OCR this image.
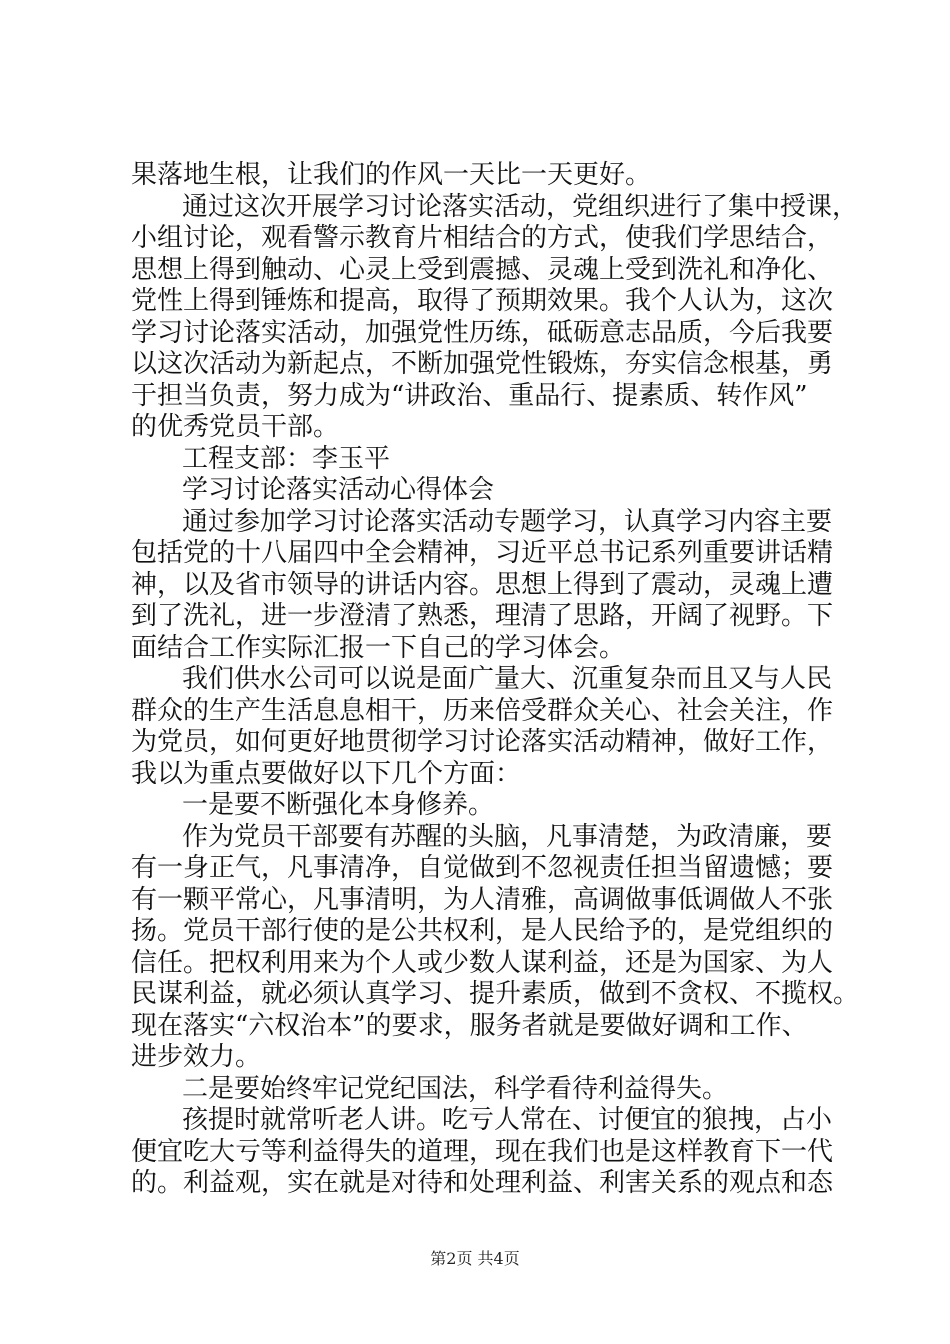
果落地生根，让我们的作风一天比一天更好。
通过这次开展学习讨论落实活动，党组织进行了集中授课，
小组讨论，观看警示教育片相结合的方式，使我们学思结合，
思想上得到触动、心灵上受到震撼、灵魂上受到洗礼和净化、
党性上得到锤炼和提高，取得了预期效果。我个人认为，这次
学习讨论落实活动，加强党性历练，砥砺意志品质，今后我要
以这次活动为新起点，不断加强党性锻炼，夯实信念根基，勇
于担当负责，努力成为“讲政治、重品行、提素质、转作风”
的优秀党员干部。
工程支部：李玉平
学习讨论落实活动心得体会
通过参加学习讨论落实活动专题学习，认真学习内容主要
包括党的十八届四中全会精神，习近平总书记系列重要讲话精
神，以及省市领导的讲话内容。思想上得到了震动，灵魂上遭
到了洗礼，进一步澄清了熟悉，理清了思路，开阔了视野。下
面结合工作实际汇报一下自己的学习体会。
我们供水公司可以说是面广量大、沉重复杂而且又与人民
群众的生产生活息息相干，历来倍受群众关心、社会关注，作
为党员，如何更好地贯彻学习讨论落实活动精神，做好工作，
我以为重点要做好以下几个方面：
一是要不断强化本身修养。
作为党员干部要有苏醒的头脑，凡事清楚，为政清廉，要
有一身正气，凡事清净，自觉做到不忽视责任担当留遗憾；要
有一颗平常心，凡事清明，为人清雅，高调做事低调做人不张
扬。党员干部行使的是公共权利，是人民给予的，是党组织的
信任。把权利用来为个人或少数人谋利益，还是为国家、为人
民谋利益，就必须认真学习、提升素质，做到不贪权、不揽权。
现在落实“六权治本”的要求，服务者就是要做好调和工作、
进步效力。
二是要始终牢记党纪国法，科学看待利益得失。
孩提时就常听老人讲。吃亏人常在、讨便宜的狼拽，占小
便宜吃大亏等利益得失的道理，现在我们也是这样教育下一代
的。利益观，实在就是对待和处理利益、利害关系的观点和态
第2页 共4页
